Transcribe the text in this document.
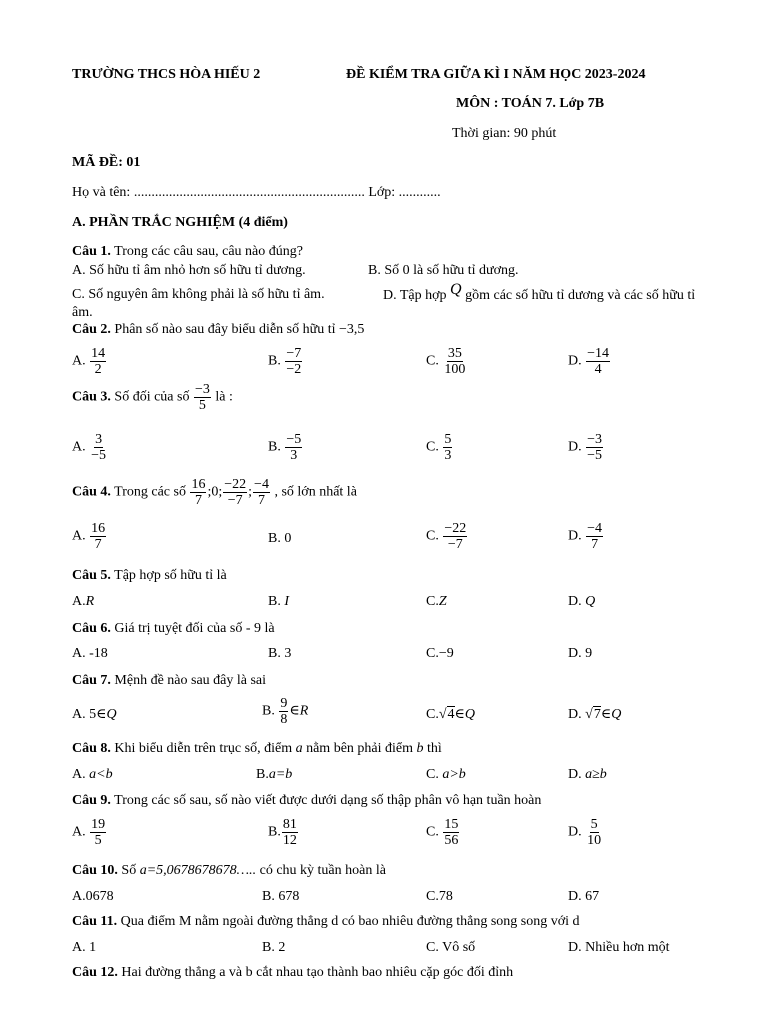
TRƯỜNG THCS HÒA HIẾU 2	ĐỀ KIỂM TRA GIỮA KÌ I NĂM HỌC 2023-2024
MÔN : TOÁN 7. Lớp 7B
Thời gian: 90 phút
MÃ ĐỀ: 01
Họ và tên: .................................................................. Lớp: ............
A. PHẦN TRẮC NGHIỆM (4 điểm)
Câu 1. Trong các câu sau, câu nào đúng?
A. Số hữu tỉ âm nhỏ hơn số hữu tỉ dương.	B. Số 0 là số hữu tỉ dương.
C. Số nguyên âm không phải là số hữu tỉ âm.	D. Tập hợp Q gồm các số hữu tỉ dương và các số hữu tỉ
âm.
Câu 2. Phân số nào sau đây biểu diễn số hữu tỉ −3,5
A. $\frac{14}{2}$	B. $\frac{-7}{-2}$	C. $\frac{35}{100}$	D. $\frac{-14}{4}$
Câu 3. Số đối của số $\frac{-3}{5}$ là :
A. $\frac{3}{-5}$	B. $\frac{-5}{3}$	C. $\frac{5}{3}$	D. $\frac{-3}{-5}$
Câu 4. Trong các số $\frac{16}{7}$ ;0; $\frac{-22}{-7}$ ; $\frac{-4}{7}$ , số lớn nhất là
A. $\frac{16}{7}$	B. 0	C. $\frac{-22}{-7}$	D. $\frac{-4}{7}$
Câu 5. Tập hợp số hữu tỉ là
A.R	B. I	C.Z	D. Q
Câu 6. Giá trị tuyệt đối của số - 9 là
A. -18	B. 3	C.−9	D. 9
Câu 7. Mệnh đề nào sau đây là sai
A. 5∈Q	B. $\frac{9}{8}$ ∈R	C.√4∈Q	D. √7∈Q
Câu 8. Khi biểu diễn trên trục số, điểm a nằm bên phải điểm b thì
A. a<b	B.a=b	C. a>b	D. a≥b
Câu 9. Trong các số sau, số nào viết được dưới dạng số thập phân vô hạn tuần hoàn
A. $\frac{19}{5}$	B. $\frac{81}{12}$	C. $\frac{15}{56}$	D. $\frac{5}{10}$
Câu 10. Số a=5,0678678678….. có chu kỳ tuần hoàn là
A.0678	B. 678	C.78	D. 67
Câu 11. Qua điểm M nằm ngoài đường thẳng d có bao nhiêu đường thẳng song song với d
A. 1	B. 2	C. Vô số	D. Nhiều hơn một
Câu 12. Hai đường thẳng a và b cắt nhau tạo thành bao nhiêu cặp góc đối đỉnh
